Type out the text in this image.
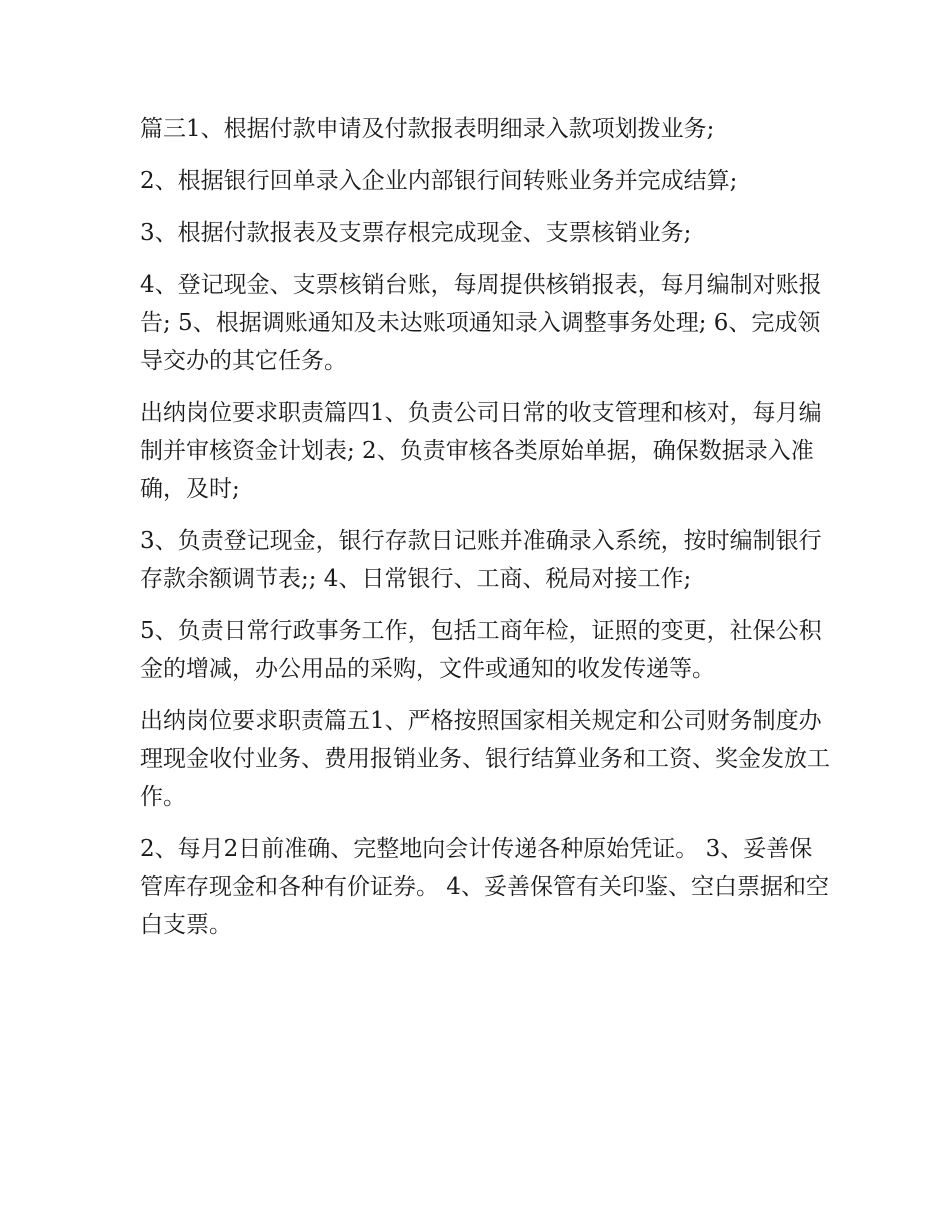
篇三1、根据付款申请及付款报表明细录入款项划拨业务;

2、根据银行回单录入企业内部银行间转账业务并完成结算;

3、根据付款报表及支票存根完成现金、支票核销业务;

4、登记现金、支票核销台账，每周提供核销报表，每月编制对账报告; 5、根据调账通知及未达账项通知录入调整事务处理; 6、完成领导交办的其它任务。

出纳岗位要求职责篇四1、负责公司日常的收支管理和核对，每月编制并审核资金计划表; 2、负责审核各类原始单据，确保数据录入准确，及时;

3、负责登记现金，银行存款日记账并准确录入系统，按时编制银行存款余额调节表;; 4、日常银行、工商、税局对接工作;

5、负责日常行政事务工作，包括工商年检，证照的变更，社保公积金的增减，办公用品的采购，文件或通知的收发传递等。

出纳岗位要求职责篇五1、严格按照国家相关规定和公司财务制度办理现金收付业务、费用报销业务、银行结算业务和工资、奖金发放工作。

2、每月2日前准确、完整地向会计传递各种原始凭证。 3、妥善保管库存现金和各种有价证券。 4、妥善保管有关印鉴、空白票据和空白支票。
